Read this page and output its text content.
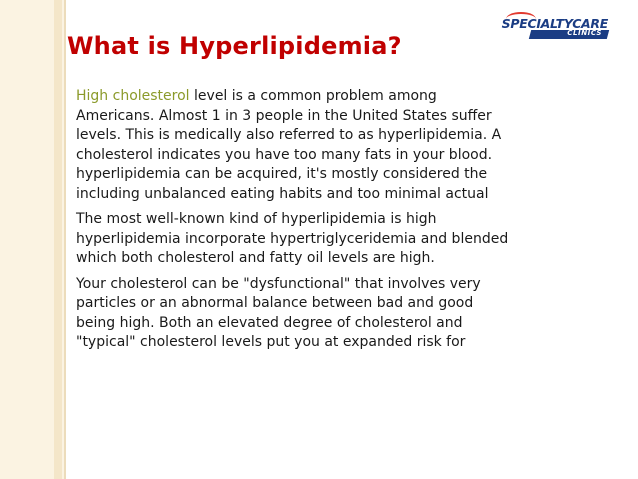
SPECIALTYCARE
CLINICS
What is Hyperlipidemia?

High cholesterol level is a common problem among
Americans. Almost 1 in 3 people in the United States suffer
levels. This is medically also referred to as hyperlipidemia. A
cholesterol indicates you have too many fats in your blood.
hyperlipidemia can be acquired, it's mostly considered the
including unbalanced eating habits and too minimal actual

The most well-known kind of hyperlipidemia is high
hyperlipidemia incorporate hypertriglyceridemia and blended
which both cholesterol and fatty oil levels are high.

Your cholesterol can be "dysfunctional" that involves very
particles or an abnormal balance between bad and good
being high. Both an elevated degree of cholesterol and
"typical" cholesterol levels put you at expanded risk for
